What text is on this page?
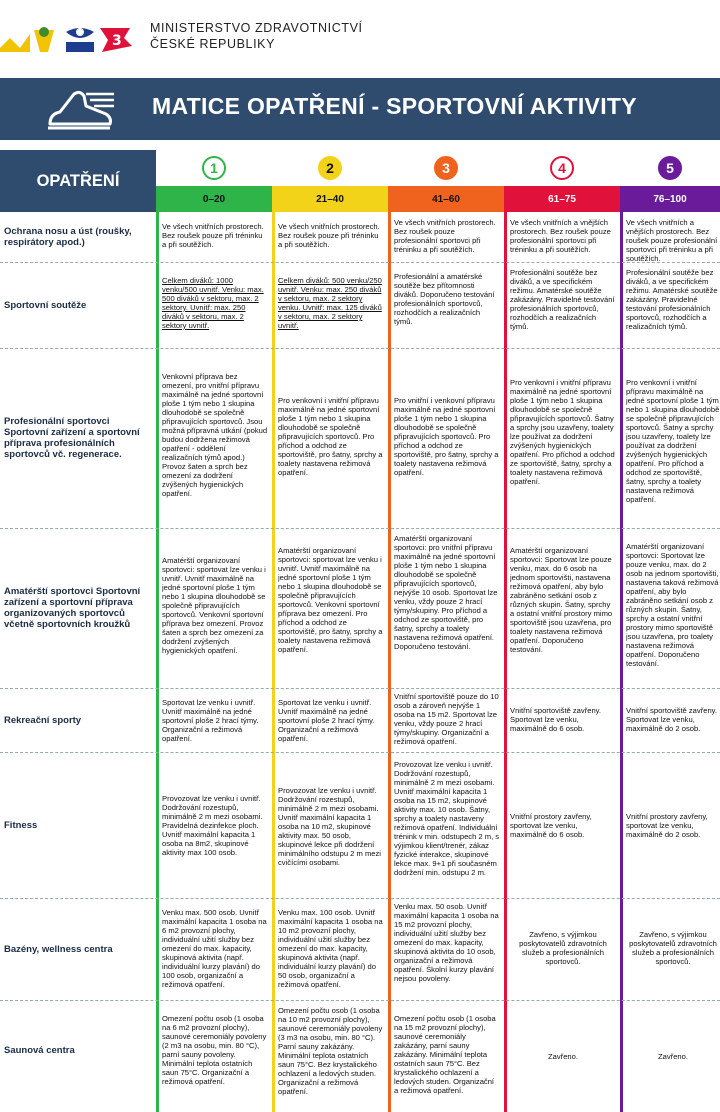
3
MINISTERSTVO ZDRAVOTNICTVÍ
ČESKÉ REPUBLIKY
MATICE OPATŘENÍ - SPORTOVNÍ AKTIVITY
OPATŘENÍ
1
0–20
2
21–40
3
41–60
4
61–75
5
76–100
Ochrana nosu a úst (roušky, respirátory apod.)
Ve všech vnitřních prostorech. Bez roušek pouze při tréninku a při soutěžích.
Ve všech vnitřních prostorech. Bez roušek pouze při tréninku a při soutěžích.
Ve všech vnitřních prostorech. Bez roušek pouze profesionální sportovci při tréninku a při soutěžích.
Ve všech vnitřních a vnějších prostorech. Bez roušek pouze profesionální sportovci při tréninku a při soutěžích.
Ve všech vnitřních a vnějších prostorech. Bez roušek pouze profesionální sportovci při tréninku a při soutěžích.
Sportovní soutěže
Celkem diváků: 1000 venku/500 uvnitř. Venku: max. 500 diváků v sektoru, max. 2 sektory. Uvnitř: max. 250 diváků v sektoru, max. 2 sektory uvnitř.
Celkem diváků: 500 venku/250 uvnitř. Venku: max. 250 diváků v sektoru, max. 2 sektory venku. Uvnitř: max. 125 diváků v sektoru, max. 2 sektory uvnitř.
Profesionální a amatérské soutěže bez přítomnosti diváků. Doporučeno testování profesionálních sportovců, rozhodčích a realizačních týmů.
Profesionální soutěže bez diváků, a ve specifickém režimu. Amatérské soutěže zakázány. Pravidelné testování profesionálních sportovců, rozhodčích a realizačních týmů.
Profesionální soutěže bez diváků, a ve specifickém režimu. Amatérské soutěže zakázány. Pravidelné testování profesionálních sportovců, rozhodčích a realizačních týmů.
Profesionální sportovci Sportovní zařízení a sportovní příprava profesionálních sportovců vč. regenerace.
Venkovní příprava bez omezení, pro vnitřní přípravu maximálně na jedné sportovní ploše 1 tým nebo 1 skupina dlouhodobě se společně připravujících sportovců. Jsou možná přípravná utkání (pokud budou dodržena režimová opatření - oddělení realizačních týmů apod.) Provoz šaten a sprch bez omezení za dodržení zvýšených hygienických opatření.
Pro venkovní i vnitřní přípravu maximálně na jedné sportovní ploše 1 tým nebo 1 skupina dlouhodobě se společně připravujících sportovců. Pro příchod a odchod ze sportoviště, pro šatny, sprchy a toalety nastavena režimová opatření.
Pro vnitřní i venkovní přípravu maximálně na jedné sportovní ploše 1 tým nebo 1 skupina dlouhodobě se společně připravujících sportovců. Pro příchod a odchod ze sportoviště, pro šatny, sprchy a toalety nastavena režimová opatření.
Pro venkovní i vnitřní přípravu maximálně na jedné sportovní ploše 1 tým nebo 1 skupina dlouhodobě se společně připravujících sportovců. Šatny a sprchy jsou uzavřeny, toalety lze používat za dodržení zvýšených hygienických opatření. Pro příchod a odchod ze sportoviště, šatny, sprchy a toalety nastavena režimová opatření.
Pro venkovní i vnitřní přípravu maximálně na jedné sportovní ploše 1 tým nebo 1 skupina dlouhodobě se společně připravujících sportovců. Šatny a sprchy jsou uzavřeny, toalety lze používat za dodržení zvýšených hygienických opatření. Pro příchod a odchod ze sportoviště, šatny, sprchy a toalety nastavena režimová opatření.
Amatérští sportovci Sportovní zařízení a sportovní příprava organizovaných sportovců včetně sportovních kroužků
Amatérští organizovaní sportovci: sportovat lze venku i uvnitř. Uvnitř maximálně na jedné sportovní ploše 1 tým nebo 1 skupina dlouhodobě se společně připravujících sportovců. Venkovní sportovní příprava bez omezení. Provoz šaten a sprch bez omezení za dodržení zvýšených hygienických opatření.
Amatérští organizovaní sportovci: sportovat lze venku i uvnitř. Uvnitř maximálně na jedné sportovní ploše 1 tým nebo 1 skupina dlouhodobě se společně připravujících sportovců. Venkovní sportovní příprava bez omezení. Pro příchod a odchod ze sportoviště, pro šatny, sprchy a toalety nastavena režimová opatření.
Amatérští organizovaní sportovci: pro vnitřní přípravu maximálně na jedné sportovní ploše 1 tým nebo 1 skupina dlouhodobě se společně připravujících sportovců, nejvýše 10 osob. Sportovat lze venku, vždy pouze 2 hrací týmy/skupiny. Pro příchod a odchod ze sportoviště, pro šatny, sprchy a toalety nastavena režimová opatření. Doporučeno testování.
Amatérští organizovaní sportovci: Sportovat lze pouze venku, max. do 6 osob na jednom sportovišti, nastavena režimová opatření, aby bylo zabráněno setkání osob z různých skupin. Šatny, sprchy a ostatní vnitřní prostory mimo sportoviště jsou uzavřena, pro toalety nastavena režimová opatření. Doporučeno testování.
Amatérští organizovaní sportovci: Sportovat lze pouze venku, max. do 2 osob na jednom sportovišti, nastavena taková režimová opatření, aby bylo zabráněno setkání osob z různých skupin. Šatny, sprchy a ostatní vnitřní prostory mimo sportoviště jsou uzavřena, pro toalety nastavena režimová opatření. Doporučeno testování.
Rekreační sporty
Sportovat lze venku i uvnitř. Uvnitř maximálně na jedné sportovní ploše 2 hrací týmy. Organizační a režimová opatření.
Sportovat lze venku i uvnitř. Uvnitř maximálně na jedné sportovní ploše 2 hrací týmy. Organizační a režimová opatření.
Vnitřní sportoviště pouze do 10 osob a zároveň nejvýše 1 osoba na 15 m2. Sportovat lze venku, vždy pouze 2 hrací týmy/skupiny. Organizační a režimová opatření.
Vnitřní sportoviště zavřeny. Sportovat lze venku, maximálně do 6 osob.
Vnitřní sportoviště zavřeny. Sportovat lze venku, maximálně do 2 osob.
Fitness
Provozovat lze venku i uvnitř. Dodržování rozestupů, minimálně 2 m mezi osobami. Pravidelná dezinfekce ploch. Uvnitř maximální kapacita 1 osoba na 8m2, skupinové aktivity max 100 osob.
Provozovat lze venku i uvnitř. Dodržování rozestupů, minimálně 2 m mezi osobami. Uvnitř maximální kapacita 1 osoba na 10 m2, skupinové aktivity max. 50 osob, skupinové lekce při dodržení minimálního odstupu 2 m mezi cvičícími osobami.
Provozovat lze venku i uvnitř. Dodržování rozestupů, minimálně 2 m mezi osobami. Uvnitř maximální kapacita 1 osoba na 15 m2, skupinové aktivity max. 10 osob. Šatny, sprchy a toalety nastaveny režimová opatření. Individuální trénink v min. odstupech 2 m, s výjimkou klient/trenér, zákaz fyzické interakce, skupinové lekce max. 9+1 při současném dodržení min. odstupu 2 m.
Vnitřní prostory zavřeny, sportovat lze venku, maximálně do 6 osob.
Vnitřní prostory zavřeny, sportovat lze venku, maximálně do 2 osob.
Bazény, wellness centra
Venku max. 500 osob. Uvnitř maximální kapacita 1 osoba na 6 m2 provozní plochy, individuální užití služby bez omezení do max. kapacity, skupinová aktivita (např. individuální kurzy plavání) do 100 osob, organizační a režimová opatření.
Venku max. 100 osob. Uvnitř maximální kapacita 1 osoba na 10 m2 provozní plochy, individuální užití služby bez omezení do max. kapacity, skupinová aktivita (např. individuální kurzy plavání) do 50 osob, organizační a režimová opatření.
Venku max. 50 osob. Uvnitř maximální kapacita 1 osoba na 15 m2 provozní plochy, individuální užití služby bez omezení do max. kapacity, skupinová aktivita do 10 osob, organizační a režimová opatření. Školní kurzy plavání nejsou povoleny.
Zavřeno, s výjimkou poskytovatelů zdravotních služeb a profesionálních sportovců.
Zavřeno, s výjimkou poskytovatelů zdravotních služeb a profesionálních sportovců.
Saunová centra
Omezení počtu osob (1 osoba na 6 m2 provozní plochy), saunové ceremoniály povoleny (2 m3 na osobu, min. 80 °C), parní sauny povoleny. Minimální teplota ostatních saun 75°C. Organizační a režimová opatření.
Omezení počtu osob (1 osoba na 10 m2 provozní plochy), saunové ceremoniály povoleny (3 m3 na osobu, min. 80 °C). Parní sauny zakázány. Minimální teplota ostatních saun 75°C. Bez krystalického ochlazení a ledových studen. Organizační a režimová opatření.
Omezení počtu osob (1 osoba na 15 m2 provozní plochy), saunové ceremoniály zakázány, parní sauny zakázány. Minimální teplota ostatních saun 75°C. Bez krystalického ochlazení a ledových studen. Organizační a režimová opatření.
Zavřeno.	Zavřeno.
